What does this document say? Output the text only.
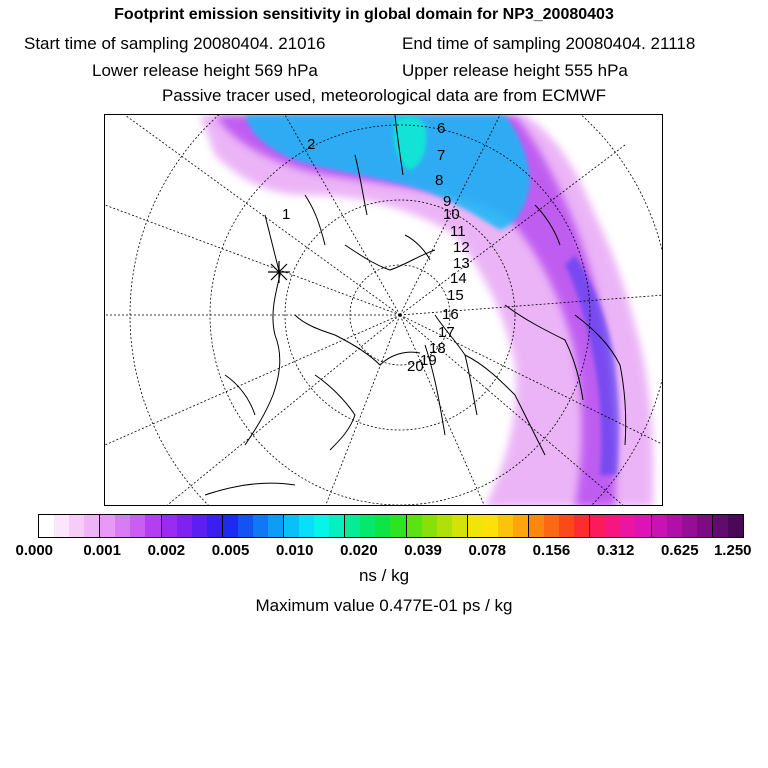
Footprint emission sensitivity in global domain for NP3_20080403
Start time of sampling 20080404. 21016	End time of sampling 20080404. 21118
Lower release height 569 hPa	Upper release height 555 hPa
Passive tracer used, meteorological data are from ECMWF
1
2
6
7
8
9
10
11
12
13
14
15
16
17
18
19
20
0.000 0.001 0.002 0.005 0.010 0.020 0.039 0.078 0.156 0.312 0.625 1.250
ns / kg
Maximum value 0.477E-01 ps / kg
